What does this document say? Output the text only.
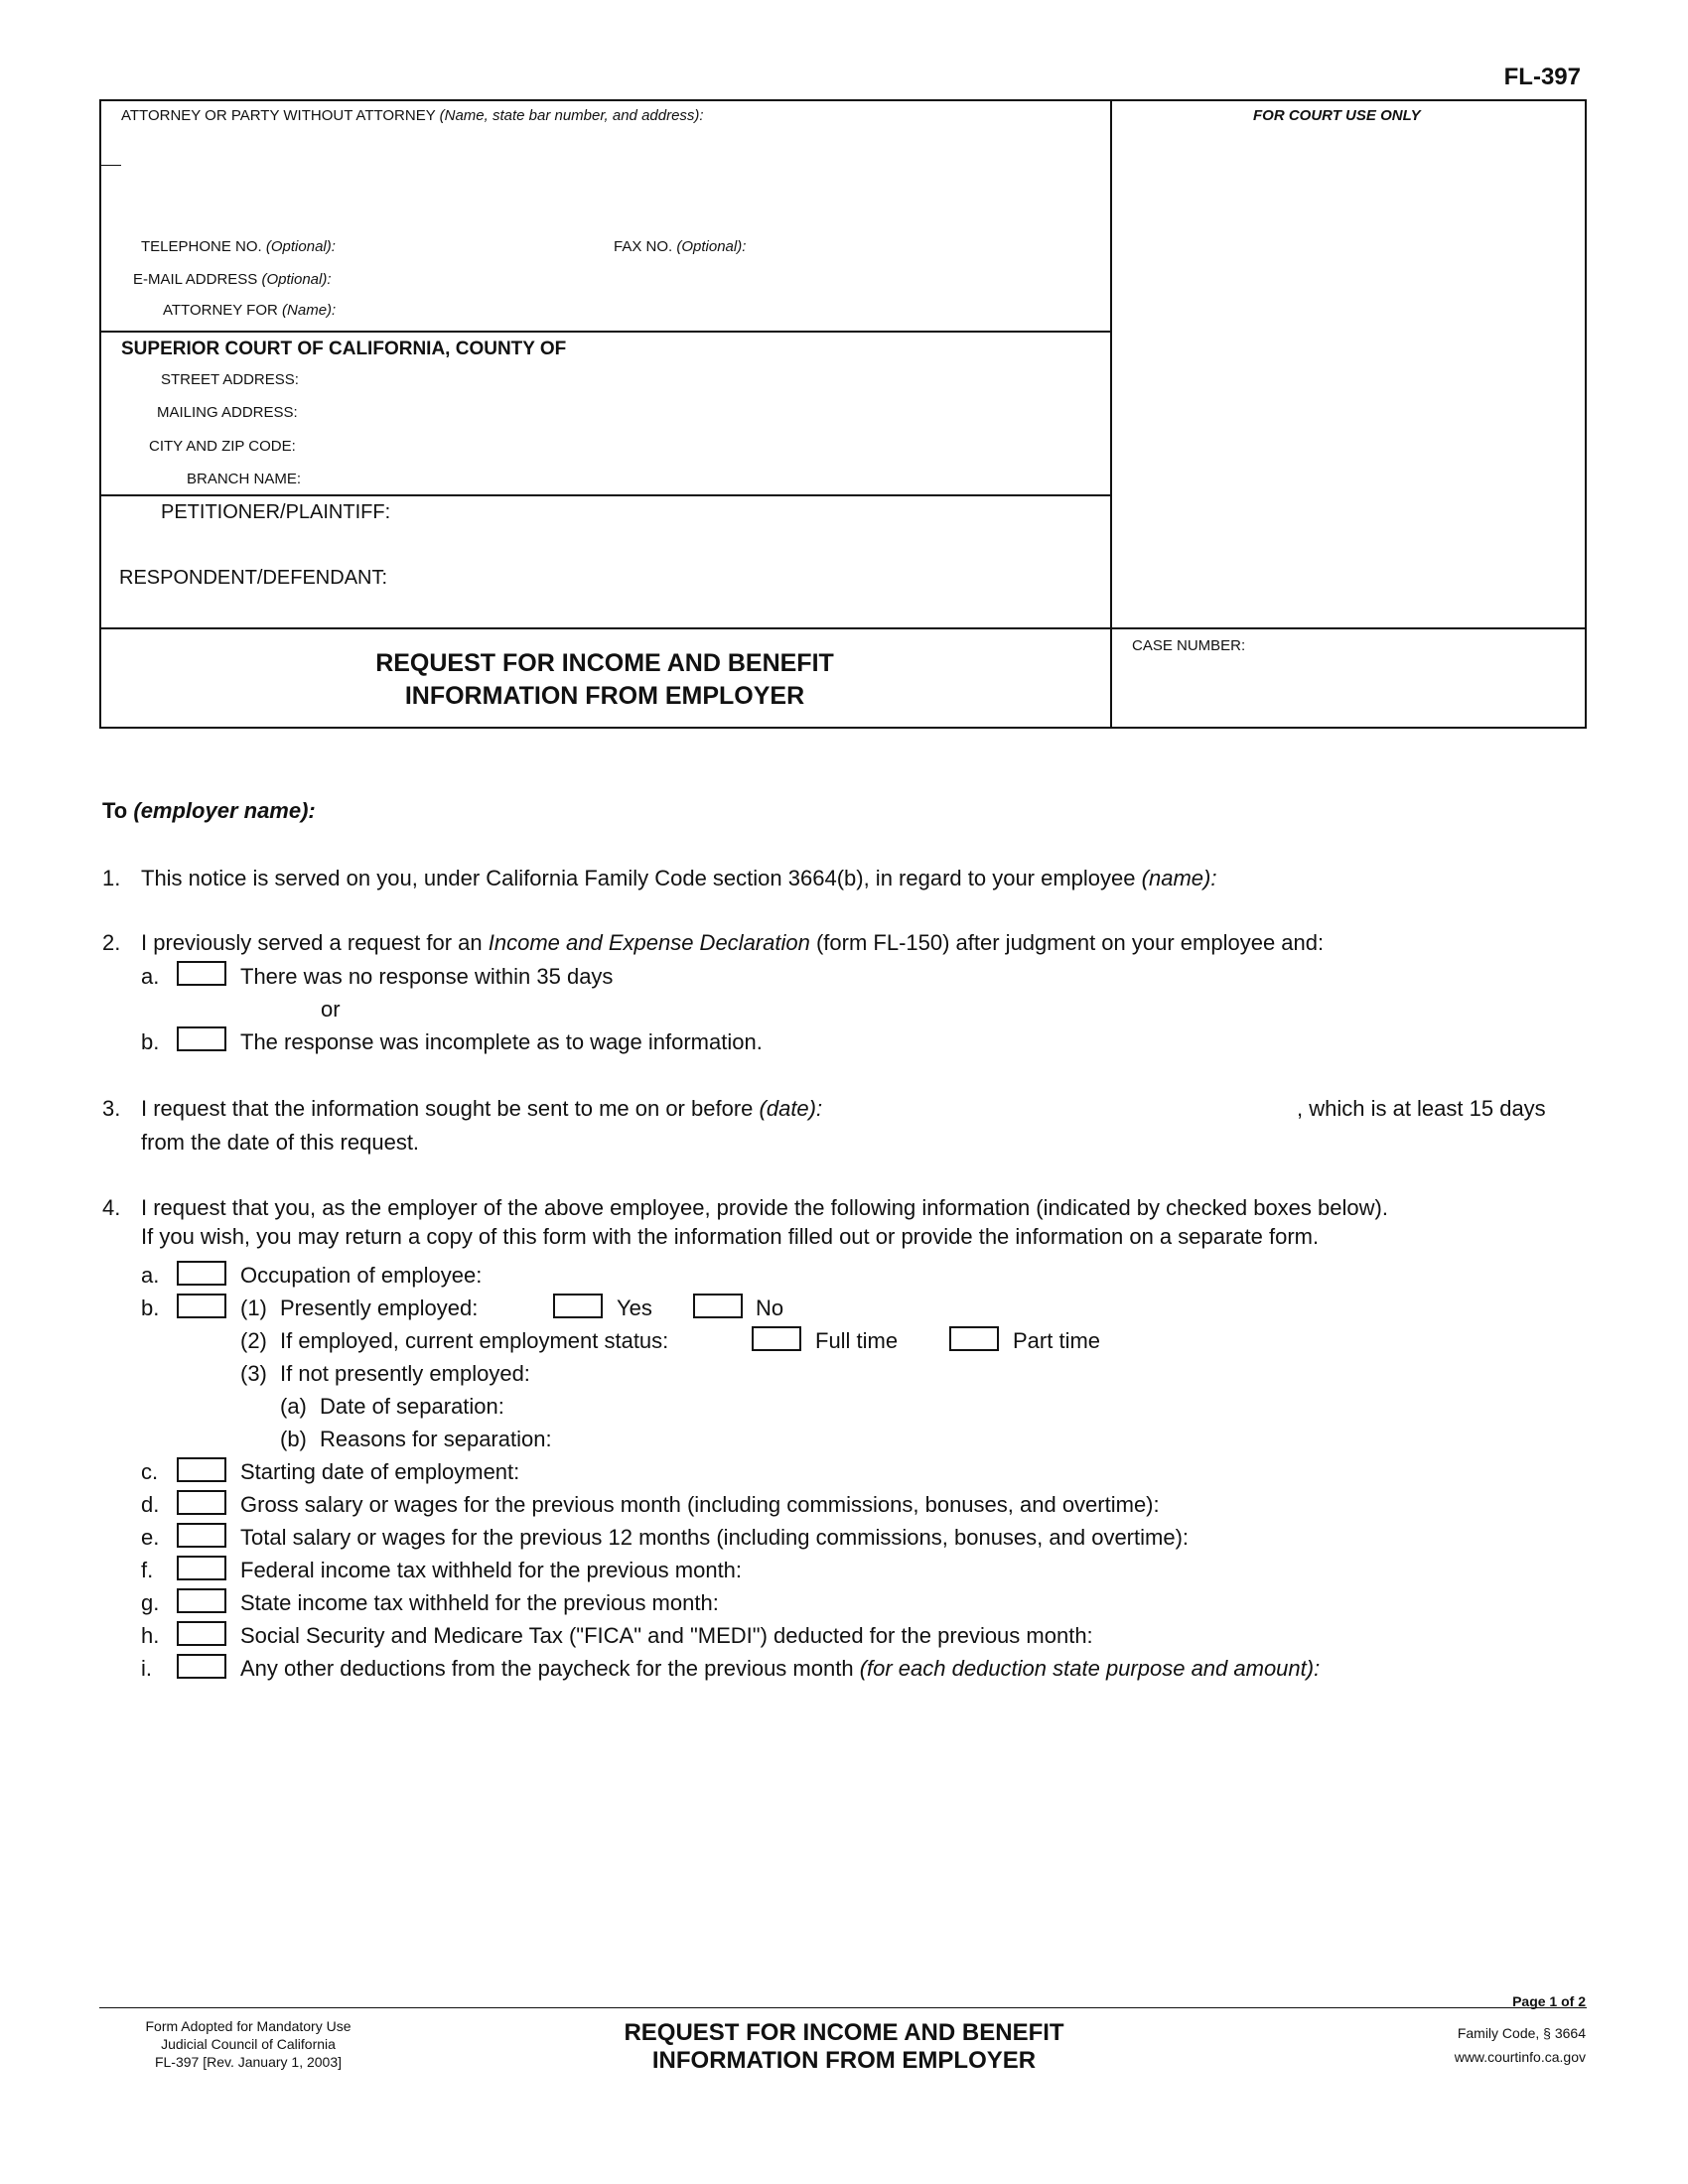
FL-397
ATTORNEY OR PARTY WITHOUT ATTORNEY (Name, state bar number, and address):	FOR COURT USE ONLY
TELEPHONE NO. (Optional):	FAX NO. (Optional):
E-MAIL ADDRESS (Optional):
ATTORNEY FOR (Name):
SUPERIOR COURT OF CALIFORNIA, COUNTY OF
STREET ADDRESS:
MAILING ADDRESS:
CITY AND ZIP CODE:
BRANCH NAME:
PETITIONER/PLAINTIFF:
RESPONDENT/DEFENDANT:
REQUEST FOR INCOME AND BENEFIT
INFORMATION FROM EMPLOYER
CASE NUMBER:
To (employer name):
1. This notice is served on you, under California Family Code section 3664(b), in regard to your employee (name):
2. I previously served a request for an Income and Expense Declaration (form FL-150) after judgment on your employee and:
a.	There was no response within 35 days
or
b.	The response was incomplete as to wage information.
3. I request that the information sought be sent to me on or before (date):	, which is at least 15 days
from the date of this request.
4. I request that you, as the employer of the above employee, provide the following information (indicated by checked boxes below).
If you wish, you may return a copy of this form with the information filled out or provide the information on a separate form.
a.	Occupation of employee:
b.	(1) Presently employed:	Yes	No
(2) If employed, current employment status:	Full time	Part time
(3) If not presently employed:
(a) Date of separation:
(b) Reasons for separation:
c.	Starting date of employment:
d.	Gross salary or wages for the previous month (including commissions, bonuses, and overtime):
e.	Total salary or wages for the previous 12 months (including commissions, bonuses, and overtime):
f.	Federal income tax withheld for the previous month:
g.	State income tax withheld for the previous month:
h.	Social Security and Medicare Tax ("FICA" and "MEDI") deducted for the previous month:
i.	Any other deductions from the paycheck for the previous month (for each deduction state purpose and amount):
Form Adopted for Mandatory Use
Judicial Council of California
FL-397 [Rev. January 1, 2003]
REQUEST FOR INCOME AND BENEFIT
INFORMATION FROM EMPLOYER
Page 1 of 2
Family Code, § 3664
www.courtinfo.ca.gov
